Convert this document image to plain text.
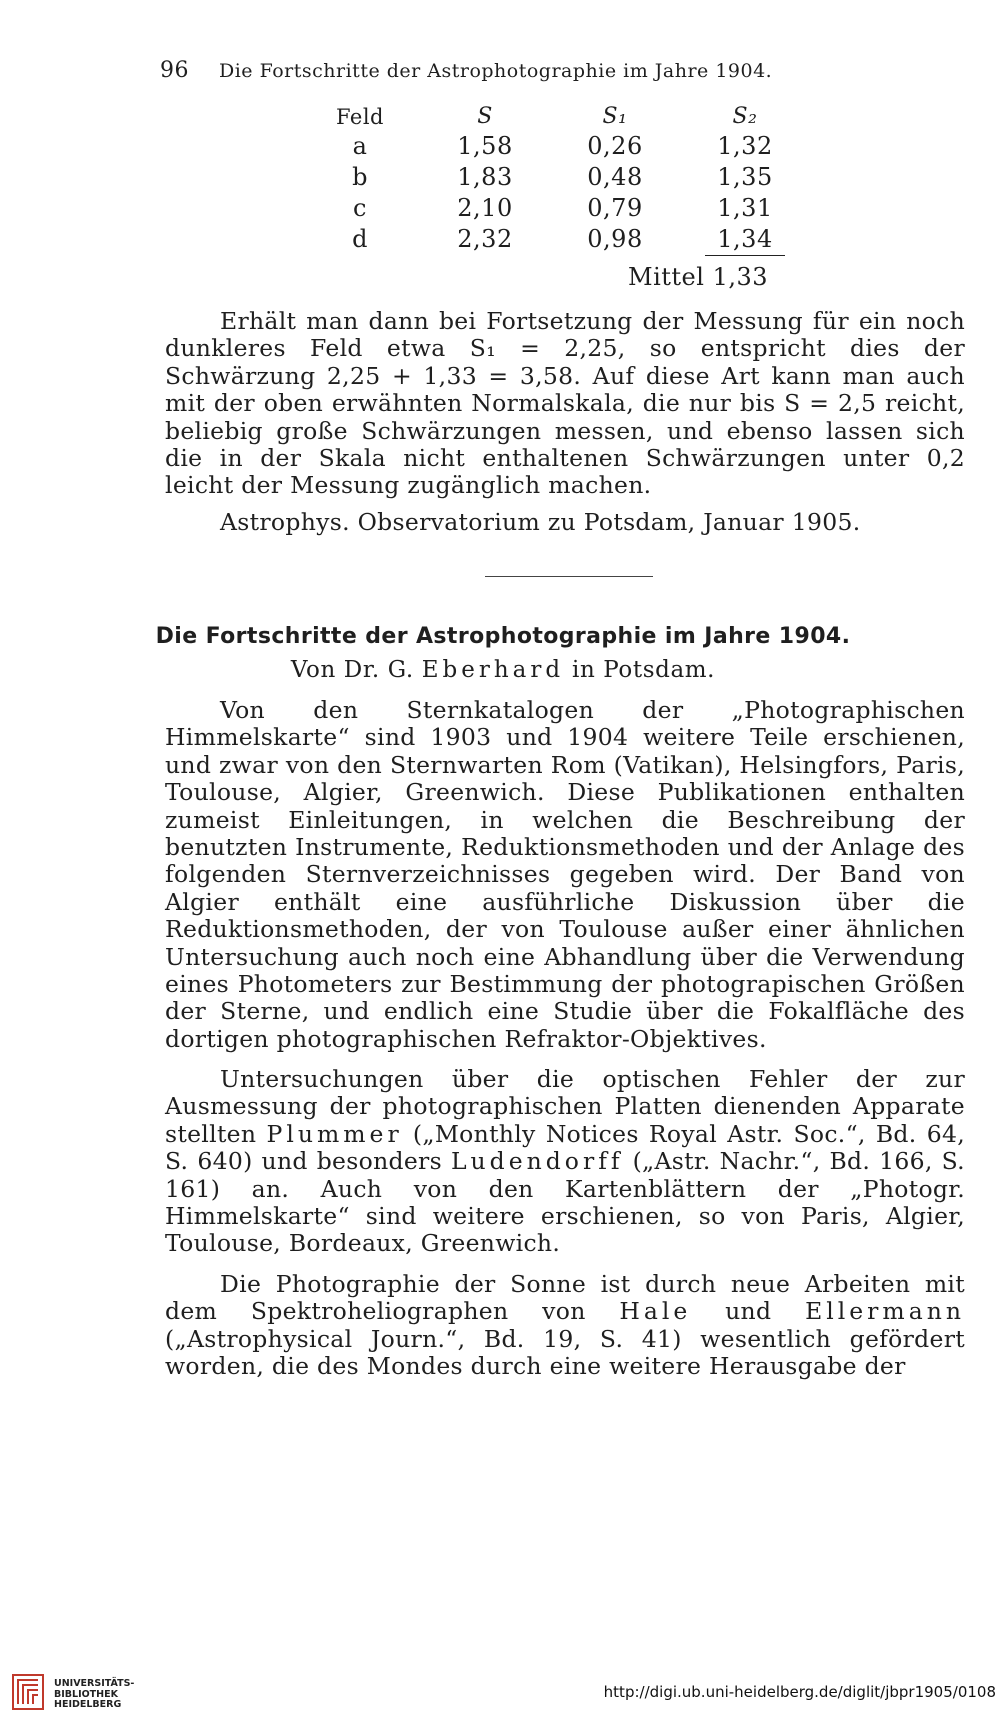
96 Die Fortschritte der Astrophotographie im Jahre 1904.
Feld	S	S₁	S₂
a	1,58	0,26	1,32
b	1,83	0,48	1,35
c	2,10	0,79	1,31
d	2,32	0,98	1,34
Mittel 1,33

Erhält man dann bei Fortsetzung der Messung für ein noch dunkleres Feld etwa S₁ = 2,25, so entspricht dies der Schwärzung 2,25 + 1,33 = 3,58. Auf diese Art kann man auch mit der oben erwähnten Normalskala, die nur bis S = 2,5 reicht, beliebig große Schwärzungen messen, und ebenso lassen sich die in der Skala nicht enthaltenen Schwärzungen unter 0,2 leicht der Messung zugänglich machen.

Astrophys. Observatorium zu Potsdam, Januar 1905.

Die Fortschritte der Astrophotographie im Jahre 1904.
Von Dr. G. Eberhard in Potsdam.

Von den Sternkatalogen der „Photographischen Himmelskarte“ sind 1903 und 1904 weitere Teile erschienen, und zwar von den Sternwarten Rom (Vatikan), Helsingfors, Paris, Toulouse, Algier, Greenwich. Diese Publikationen enthalten zumeist Einleitungen, in welchen die Beschreibung der benutzten Instrumente, Reduktionsmethoden und der Anlage des folgenden Sternverzeichnisses gegeben wird. Der Band von Algier enthält eine ausführliche Diskussion über die Reduktionsmethoden, der von Toulouse außer einer ähnlichen Untersuchung auch noch eine Abhandlung über die Verwendung eines Photometers zur Bestimmung der photograpischen Größen der Sterne, und endlich eine Studie über die Fokalfläche des dortigen photographischen Refraktor-Objektives.

Untersuchungen über die optischen Fehler der zur Ausmessung der photographischen Platten dienenden Apparate stellten Plummer („Monthly Notices Royal Astr. Soc.“, Bd. 64, S. 640) und besonders Ludendorff („Astr. Nachr.“, Bd. 166, S. 161) an. Auch von den Kartenblättern der „Photogr. Himmelskarte“ sind weitere erschienen, so von Paris, Algier, Toulouse, Bordeaux, Greenwich.

Die Photographie der Sonne ist durch neue Arbeiten mit dem Spektroheliographen von Hale und Ellermann („Astrophysical Journ.“, Bd. 19, S. 41) wesentlich gefördert worden, die des Mondes durch eine weitere Herausgabe der

UNIVERSITÄTS-
BIBLIOTHEK
HEIDELBERG
http://digi.ub.uni-heidelberg.de/diglit/jbpr1905/0108
